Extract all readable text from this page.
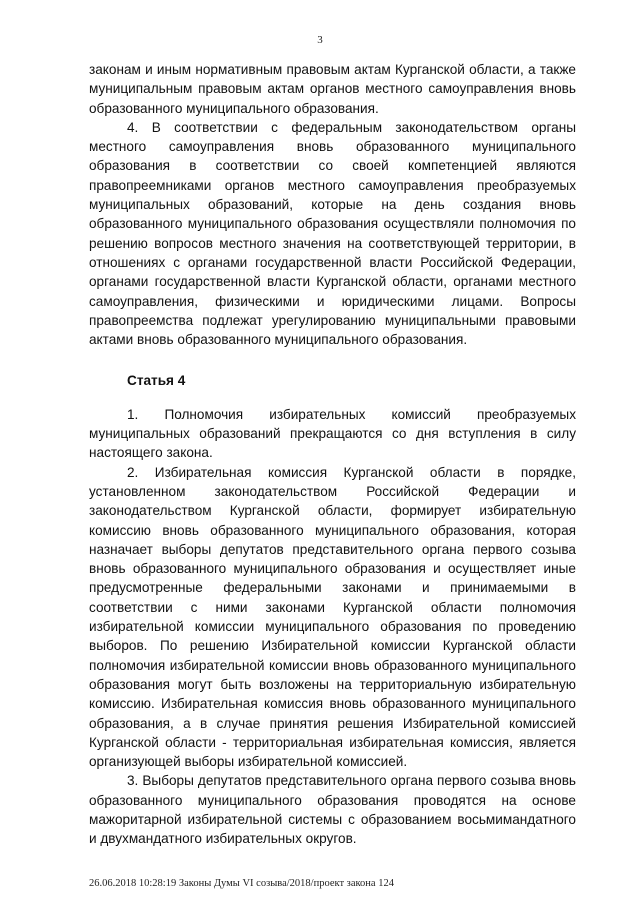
3

законам и иным нормативным правовым актам Курганской области, а также муниципальным правовым актам органов местного самоуправления вновь образованного муниципального образования.

4. В соответствии с федеральным законодательством органы местного самоуправления вновь образованного муниципального образования в соответствии со своей компетенцией являются правопреемниками органов местного самоуправления преобразуемых муниципальных образований, которые на день создания вновь образованного муниципального образования осуществляли полномочия по решению вопросов местного значения на соответствующей территории, в отношениях с органами государственной власти Российской Федерации, органами государственной власти Курганской области, органами местного самоуправления, физическими и юридическими лицами. Вопросы правопреемства подлежат урегулированию муниципальными правовыми актами вновь образованного муниципального образования.

Статья 4

1. Полномочия избирательных комиссий преобразуемых муниципальных образований прекращаются со дня вступления в силу настоящего закона.

2. Избирательная комиссия Курганской области в порядке, установленном законодательством Российской Федерации и законодательством Курганской области, формирует избирательную комиссию вновь образованного муниципального образования, которая назначает выборы депутатов представительного органа первого созыва вновь образованного муниципального образования и осуществляет иные предусмотренные федеральными законами и принимаемыми в соответствии с ними законами Курганской области полномочия избирательной комиссии муниципального образования по проведению выборов. По решению Избирательной комиссии Курганской области полномочия избирательной комиссии вновь образованного муниципального образования могут быть возложены на территориальную избирательную комиссию. Избирательная комиссия вновь образованного муниципального образования, а в случае принятия решения Избирательной комиссией Курганской области - территориальная избирательная комиссия, является организующей выборы избирательной комиссией.

3. Выборы депутатов представительного органа первого созыва вновь образованного муниципального образования проводятся на основе мажоритарной избирательной системы с образованием восьмимандатного и двухмандатного избирательных округов.

26.06.2018 10:28:19 Законы Думы VI созыва/2018/проект закона 124
